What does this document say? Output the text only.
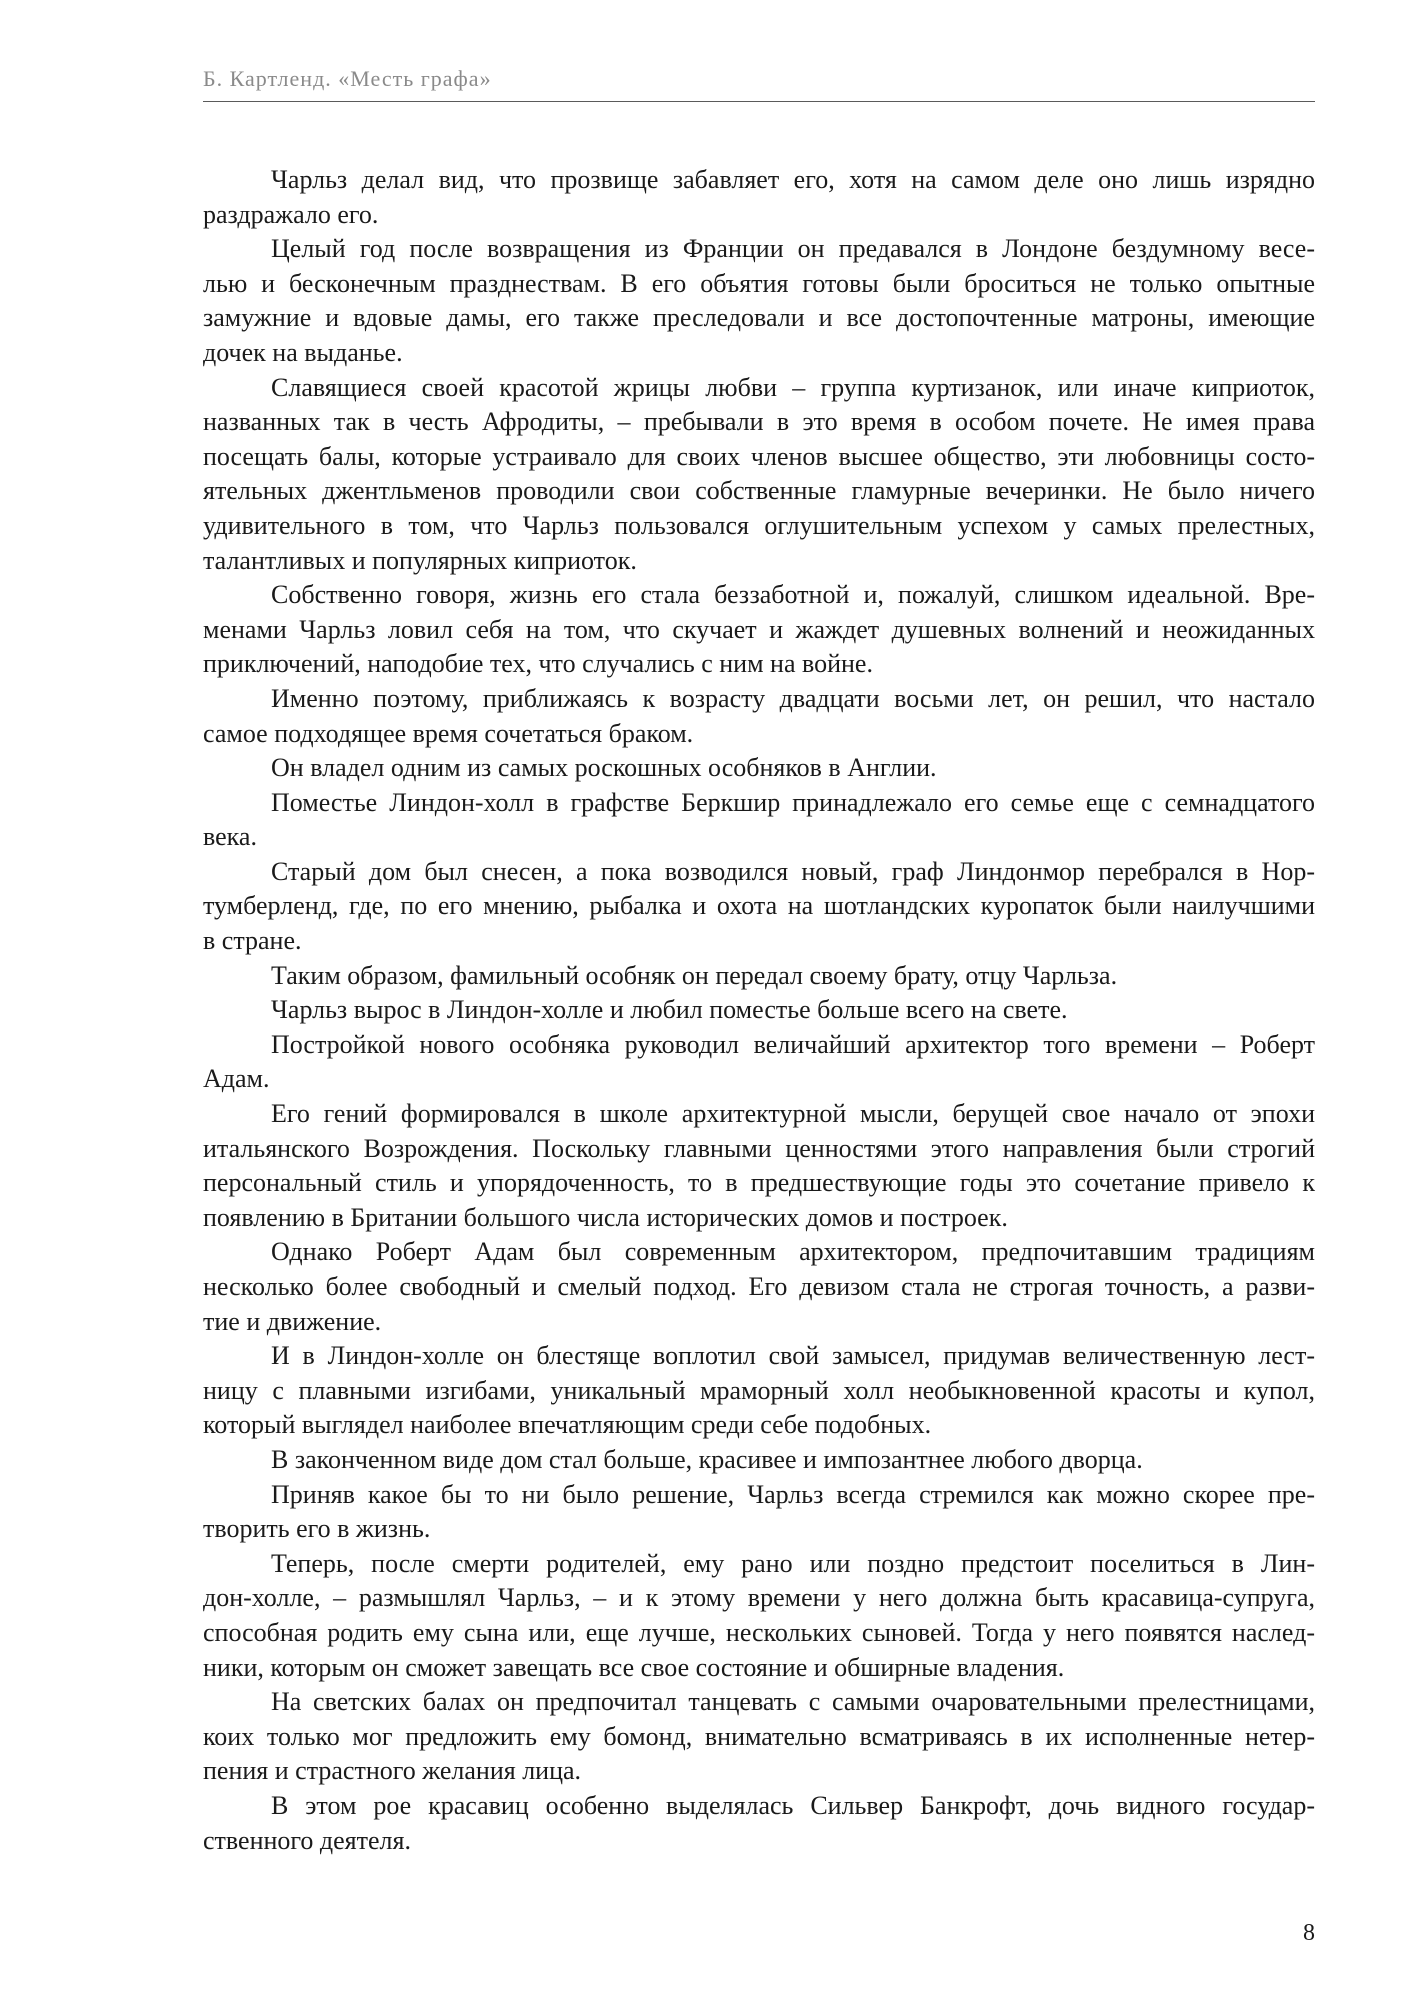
Б. Картленд. «Месть графа»
Чарльз делал вид, что прозвище забавляет его, хотя на самом деле оно лишь изрядно
раздражало его.
Целый год после возвращения из Франции он предавался в Лондоне бездумному весе-
лью и бесконечным празднествам. В его объятия готовы были броситься не только опытные
замужние и вдовые дамы, его также преследовали и все достопочтенные матроны, имеющие
дочек на выданье.
Славящиеся своей красотой жрицы любви – группа куртизанок, или иначе киприоток,
названных так в честь Афродиты, – пребывали в это время в особом почете. Не имея права
посещать балы, которые устраивало для своих членов высшее общество, эти любовницы состо-
ятельных джентльменов проводили свои собственные гламурные вечеринки. Не было ничего
удивительного в том, что Чарльз пользовался оглушительным успехом у самых прелестных,
талантливых и популярных киприоток.
Собственно говоря, жизнь его стала беззаботной и, пожалуй, слишком идеальной. Вре-
менами Чарльз ловил себя на том, что скучает и жаждет душевных волнений и неожиданных
приключений, наподобие тех, что случались с ним на войне.
Именно поэтому, приближаясь к возрасту двадцати восьми лет, он решил, что настало
самое подходящее время сочетаться браком.
Он владел одним из самых роскошных особняков в Англии.
Поместье Линдон-холл в графстве Беркшир принадлежало его семье еще с семнадцатого
века.
Старый дом был снесен, а пока возводился новый, граф Линдонмор перебрался в Нор-
тумберленд, где, по его мнению, рыбалка и охота на шотландских куропаток были наилучшими
в стране.
Таким образом, фамильный особняк он передал своему брату, отцу Чарльза.
Чарльз вырос в Линдон-холле и любил поместье больше всего на свете.
Постройкой нового особняка руководил величайший архитектор того времени – Роберт
Адам.
Его гений формировался в школе архитектурной мысли, берущей свое начало от эпохи
итальянского Возрождения. Поскольку главными ценностями этого направления были строгий
персональный стиль и упорядоченность, то в предшествующие годы это сочетание привело к
появлению в Британии большого числа исторических домов и построек.
Однако Роберт Адам был современным архитектором, предпочитавшим традициям
несколько более свободный и смелый подход. Его девизом стала не строгая точность, а разви-
тие и движение.
И в Линдон-холле он блестяще воплотил свой замысел, придумав величественную лест-
ницу с плавными изгибами, уникальный мраморный холл необыкновенной красоты и купол,
который выглядел наиболее впечатляющим среди себе подобных.
В законченном виде дом стал больше, красивее и импозантнее любого дворца.
Приняв какое бы то ни было решение, Чарльз всегда стремился как можно скорее пре-
творить его в жизнь.
Теперь, после смерти родителей, ему рано или поздно предстоит поселиться в Лин-
дон-холле, – размышлял Чарльз, – и к этому времени у него должна быть красавица-супруга,
способная родить ему сына или, еще лучше, нескольких сыновей. Тогда у него появятся наслед-
ники, которым он сможет завещать все свое состояние и обширные владения.
На светских балах он предпочитал танцевать с самыми очаровательными прелестницами,
коих только мог предложить ему бомонд, внимательно всматриваясь в их исполненные нетер-
пения и страстного желания лица.
В этом рое красавиц особенно выделялась Сильвер Банкрофт, дочь видного государ-
ственного деятеля.
8
